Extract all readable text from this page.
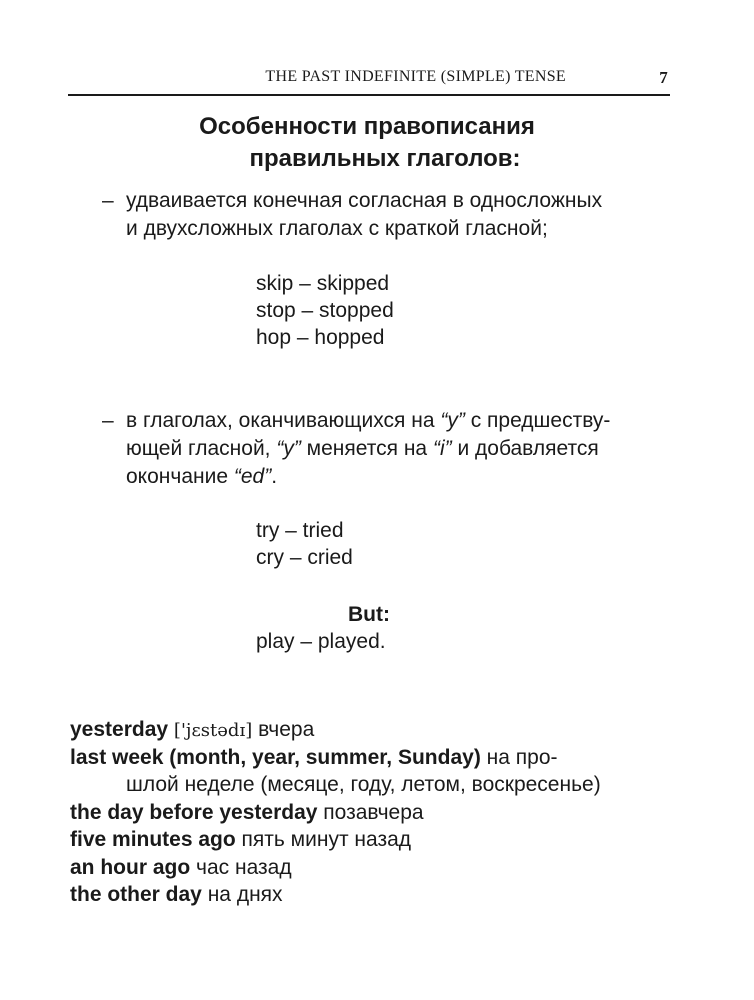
THE PAST INDEFINITE (SIMPLE) TENSE	7
Особенности правописания
правильных глаголов:
– удваивается конечная согласная в односложных
и двухсложных глаголах с краткой гласной;
skip – skipped
stop – stopped
hop – hopped
– в глаголах, оканчивающихся на “y” с предшеству-
ющей гласной, “y” меняется на “i” и добавляется
окончание “ed”.
try – tried
cry – cried
But:
play – played.
yesterday ['jɛstədɪ] вчера
last week (month, year, summer, Sunday) на про-
шлой неделе (месяце, году, летом, воскресенье)
the day before yesterday позавчера
five minutes ago пять минут назад
an hour ago час назад
the other day на днях
